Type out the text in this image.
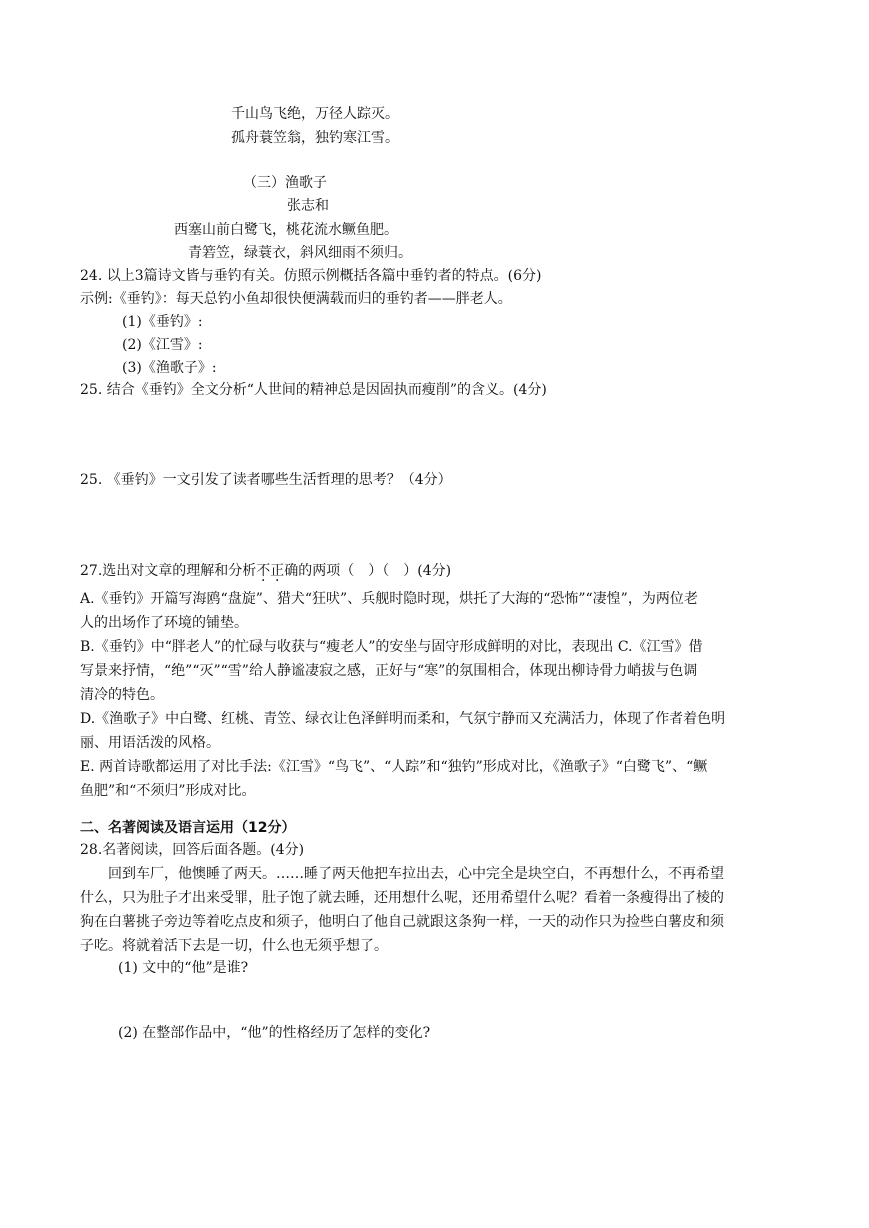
千山鸟飞绝，万径人踪灭。
孤舟蓑笠翁，独钓寒江雪。
（三）渔歌子
张志和
西塞山前白鹭飞，桃花流水鳜鱼肥。
青箬笠，绿蓑衣，斜风细雨不须归。
24. 以上3篇诗文皆与垂钓有关。仿照示例概括各篇中垂钓者的特点。(6分)
示例:《垂钓》：每天总钓小鱼却很快便满载而归的垂钓者——胖老人。
(1)《垂钓》:
(2)《江雪》:
(3)《渔歌子》:
25. 结合《垂钓》全文分析“人世间的精神总是因固执而瘦削”的含义。(4分)
25. 《垂钓》一文引发了读者哪些生活哲理的思考？（4分）
27.选出对文章的理解和分析不正确的两项（　）（　）(4分)
A.《垂钓》开篇写海鸥“盘旋”、猎犬“狂吠”、兵舰时隐时现，烘托了大海的“恐怖”“凄惶”，为两位老
人的出场作了环境的铺垫。
B.《垂钓》中“胖老人”的忙碌与收获与“瘦老人”的安坐与固守形成鲜明的对比，表现出 C.《江雪》借
写景来抒情，“绝”“灭”“雪”给人静谧凄寂之感，正好与“寒”的氛围相合，体现出柳诗骨力峭拔与色调
清冷的特色。
D.《渔歌子》中白鹭、红桃、青笠、绿衣让色泽鲜明而柔和，气氛宁静而又充满活力，体现了作者着色明
丽、用语活泼的风格。
E. 两首诗歌都运用了对比手法:《江雪》“鸟飞”、“人踪”和“独钓”形成对比，《渔歌子》“白鹭飞”、“鳜
鱼肥”和“不须归”形成对比。
二、名著阅读及语言运用（12分）
28.名著阅读，回答后面各题。(4分)
回到车厂，他懊睡了两天。……睡了两天他把车拉出去，心中完全是块空白，不再想什么，不再希望
什么，只为肚子才出来受罪，肚子饱了就去睡，还用想什么呢，还用希望什么呢？看着一条瘦得出了棱的
狗在白薯挑子旁边等着吃点皮和须子，他明白了他自己就跟这条狗一样，一天的动作只为捡些白薯皮和须
子吃。将就着活下去是一切，什么也无须乎想了。
(1) 文中的“他”是谁?
(2) 在整部作品中，“他”的性格经历了怎样的变化?
